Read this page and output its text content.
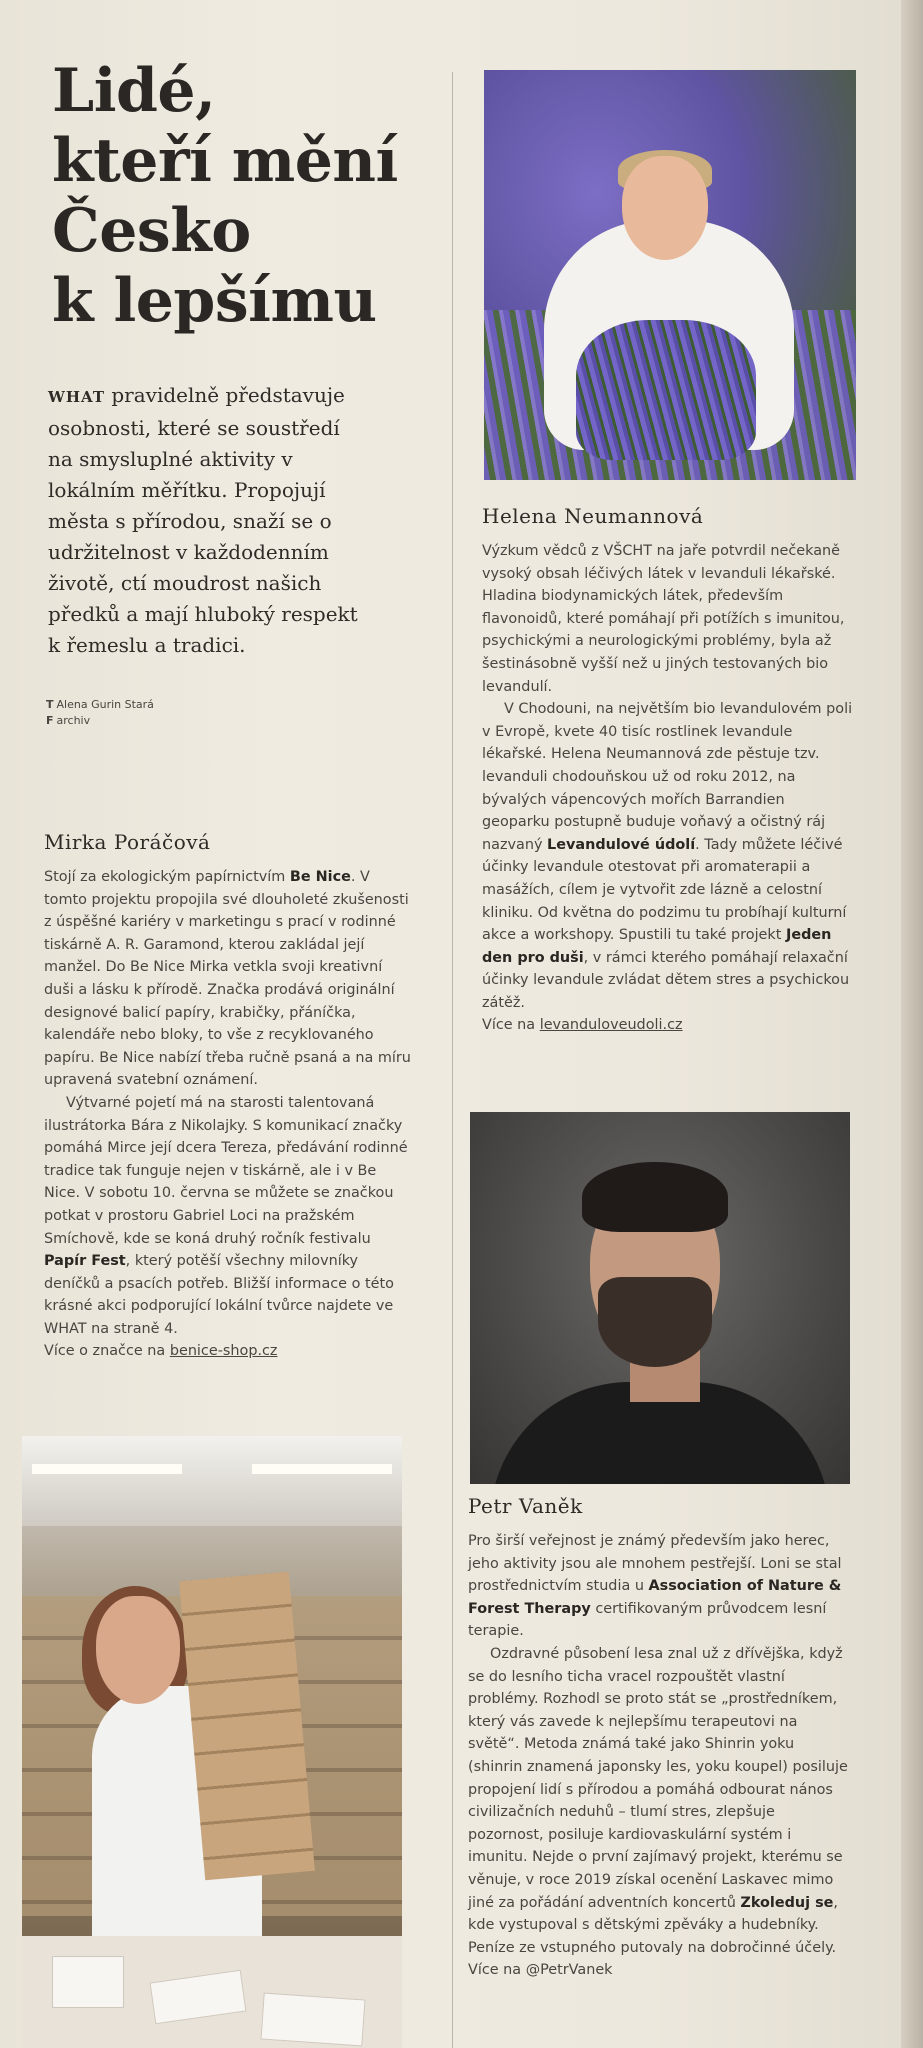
Lidé,
kteří mění
Česko
k lepšímu
WHAT pravidelně představuje osobnosti, které se soustředí na smysluplné aktivity v lokálním měřítku. Propojují města s přírodou, snaží se o udržitelnost v každodenním životě, ctí moudrost našich předků a mají hluboký respekt k řemeslu a tradici.
T Alena Gurin Stará
F archiv
Helena Neumannová

Výzkum vědců z VŠCHT na jaře potvrdil nečekaně vysoký obsah léčivých látek v levanduli lékařské. Hladina biodynamických látek, především flavonoidů, které pomáhají při potížích s imunitou, psychickými a neurologickými problémy, byla až šestinásobně vyšší než u jiných testovaných bio levandulí.

V Chodouni, na největším bio levandulovém poli v Evropě, kvete 40 tisíc rostlinek levandule lékařské. Helena Neumannová zde pěstuje tzv. levanduli chodouňskou už od roku 2012, na bývalých vápencových mořích Barrandien geoparku postupně buduje voňavý a očistný ráj nazvaný Levandulové údolí. Tady můžete léčivé účinky levandule otestovat při aromaterapii a masážích, cílem je vytvořit zde lázně a celostní kliniku. Od května do podzimu tu probíhají kulturní akce a workshopy. Spustili tu také projekt Jeden den pro duši, v rámci kterého pomáhají relaxační účinky levandule zvládat dětem stres a psychickou zátěž.

Více na levanduloveudoli.cz

Mirka Poráčová

Stojí za ekologickým papírnictvím Be Nice. V tomto projektu propojila své dlouholeté zkušenosti z úspěšné kariéry v marketingu s prací v rodinné tiskárně A. R. Garamond, kterou zakládal její manžel. Do Be Nice Mirka vetkla svoji kreativní duši a lásku k přírodě. Značka prodává originální designové balicí papíry, krabičky, přáníčka, kalendáře nebo bloky, to vše z recyklovaného papíru. Be Nice nabízí třeba ručně psaná a na míru upravená svatební oznámení.

Výtvarné pojetí má na starosti talentovaná ilustrátorka Bára z Nikolajky. S komunikací značky pomáhá Mirce její dcera Tereza, předávání rodinné tradice tak funguje nejen v tiskárně, ale i v Be Nice. V sobotu 10. června se můžete se značkou potkat v prostoru Gabriel Loci na pražském Smíchově, kde se koná druhý ročník festivalu Papír Fest, který potěší všechny milovníky deníčků a psacích potřeb. Bližší informace o této krásné akci podporující lokální tvůrce najdete ve WHAT na straně 4.

Více o značce na benice-shop.cz

Petr Vaněk

Pro širší veřejnost je známý především jako herec, jeho aktivity jsou ale mnohem pestřejší. Loni se stal prostřednictvím studia u Association of Nature & Forest Therapy certifikovaným průvodcem lesní terapie.

Ozdravné působení lesa znal už z dřívějška, když se do lesního ticha vracel rozpouštět vlastní problémy. Rozhodl se proto stát se „prostředníkem, který vás zavede k nejlepšímu terapeutovi na světě“. Metoda známá také jako Shinrin yoku (shinrin znamená japonsky les, yoku koupel) posiluje propojení lidí s přírodou a pomáhá odbourat nános civilizačních neduhů – tlumí stres, zlepšuje pozornost, posiluje kardiovaskulární systém i imunitu. Nejde o první zajímavý projekt, kterému se věnuje, v roce 2019 získal ocenění Laskavec mimo jiné za pořádání adventních koncertů Zkoleduj se, kde vystupoval s dětskými zpěváky a hudebníky. Peníze ze vstupného putovaly na dobročinné účely. Více na @PetrVanek
